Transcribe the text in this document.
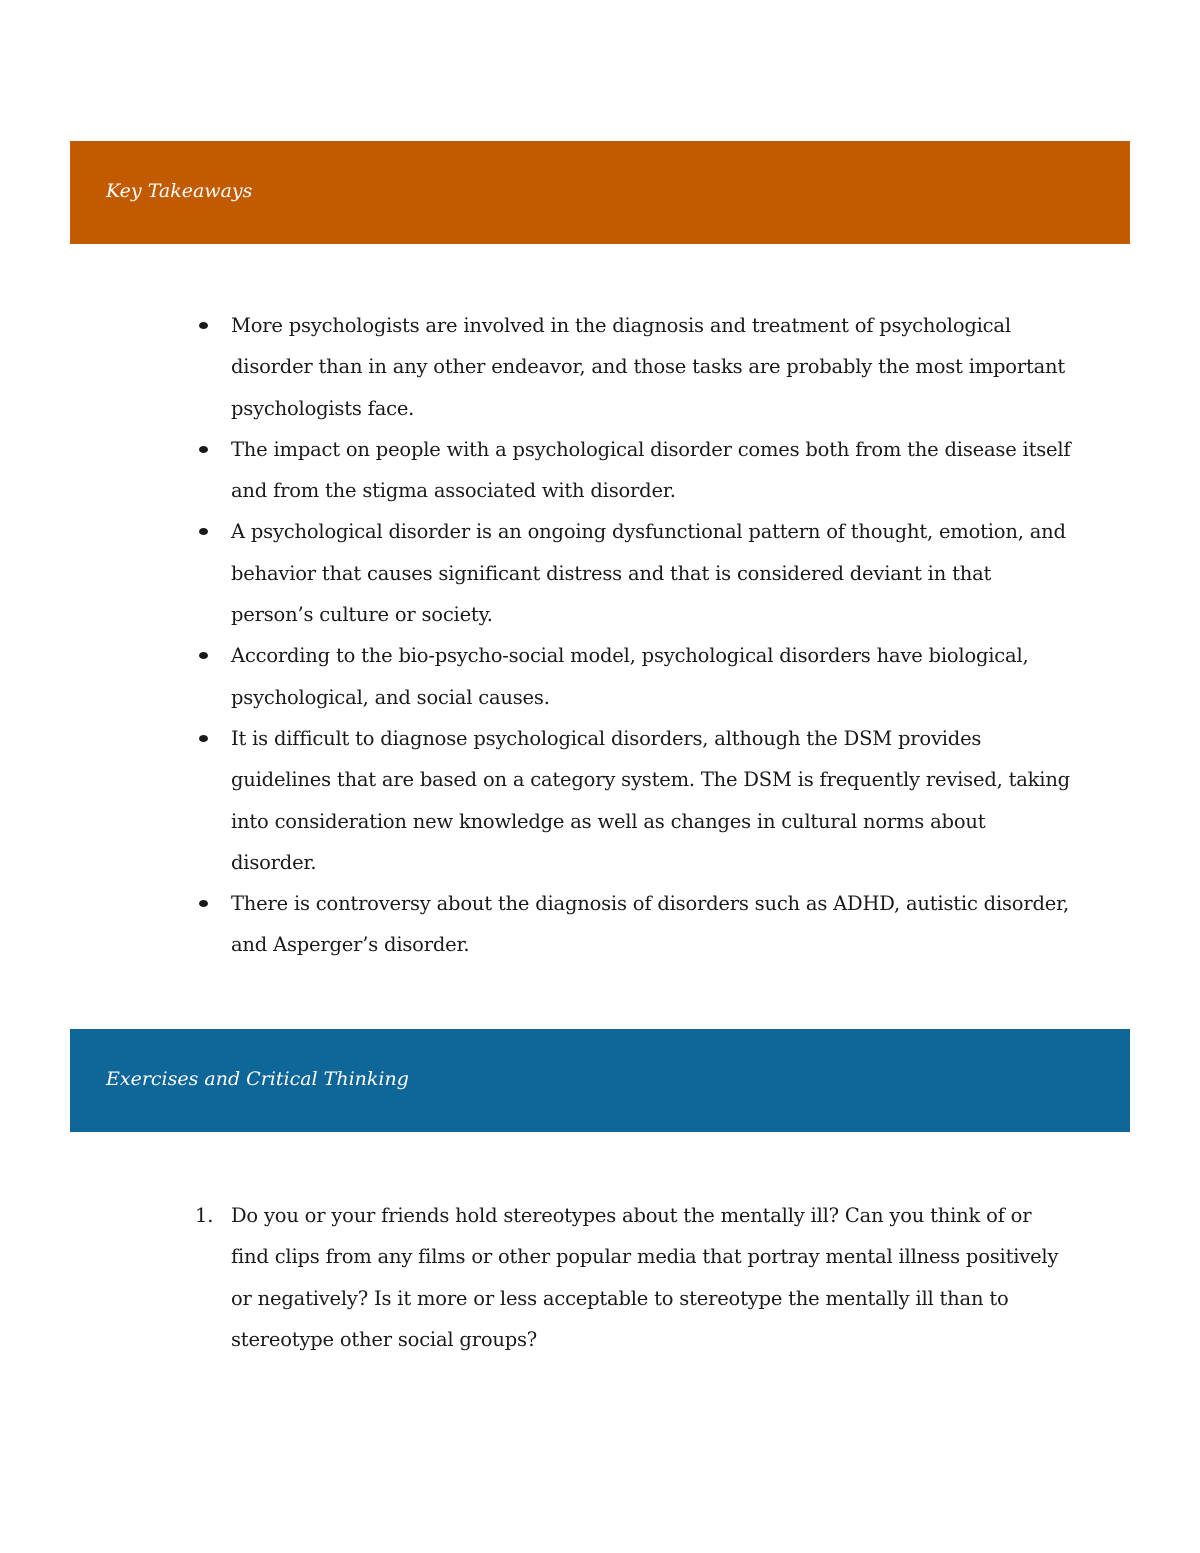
Key Takeaways
More psychologists are involved in the diagnosis and treatment of psychological disorder than in any other endeavor, and those tasks are probably the most important psychologists face.
The impact on people with a psychological disorder comes both from the disease itself and from the stigma associated with disorder.
A psychological disorder is an ongoing dysfunctional pattern of thought, emotion, and behavior that causes significant distress and that is considered deviant in that person’s culture or society.
According to the bio-psycho-social model, psychological disorders have biological, psychological, and social causes.
It is difficult to diagnose psychological disorders, although the DSM provides guidelines that are based on a category system. The DSM is frequently revised, taking into consideration new knowledge as well as changes in cultural norms about disorder.
There is controversy about the diagnosis of disorders such as ADHD, autistic disorder, and Asperger’s disorder.
Exercises and Critical Thinking
1. Do you or your friends hold stereotypes about the mentally ill? Can you think of or find clips from any films or other popular media that portray mental illness positively or negatively? Is it more or less acceptable to stereotype the mentally ill than to stereotype other social groups?
